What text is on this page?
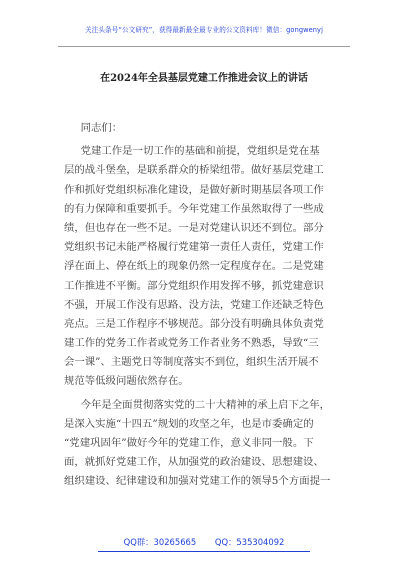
关注头条号“公文研究”，获得最新最全最专业的公文资料库！微信：gongwenyj
在2024年全县基层党建工作推进会议上的讲话
同志们：
党建工作是一切工作的基础和前提，党组织是党在基
层的战斗堡垒，是联系群众的桥梁纽带。做好基层党建工
作和抓好党组织标准化建设，是做好新时期基层各项工作
的有力保障和重要抓手。今年党建工作虽然取得了一些成
绩，但也存在一些不足。一是对党建认识还不到位。部分
党组织书记未能严格履行党建第一责任人责任，党建工作
浮在面上、停在纸上的现象仍然一定程度存在。二是党建
工作推进不平衡。部分党组织作用发挥不够，抓党建意识
不强，开展工作没有思路、没方法，党建工作还缺乏特色
亮点。三是工作程序不够规范。部分没有明确具体负责党
建工作的党务工作者或党务工作者业务不熟悉，导致“三
会一课”、主题党日等制度落实不到位，组织生活开展不
规范等低级问题依然存在。
今年是全面贯彻落实党的二十大精神的承上启下之年，
是深入实施“十四五”规划的攻坚之年，也是市委确定的
“党建巩固年”做好今年的党建工作，意义非同一般。下
面，就抓好党建工作，从加强党的政治建设、思想建设、
组织建设、纪律建设和加强对党建工作的领导5个方面提一
QQ群：30265665 QQ：535304092
